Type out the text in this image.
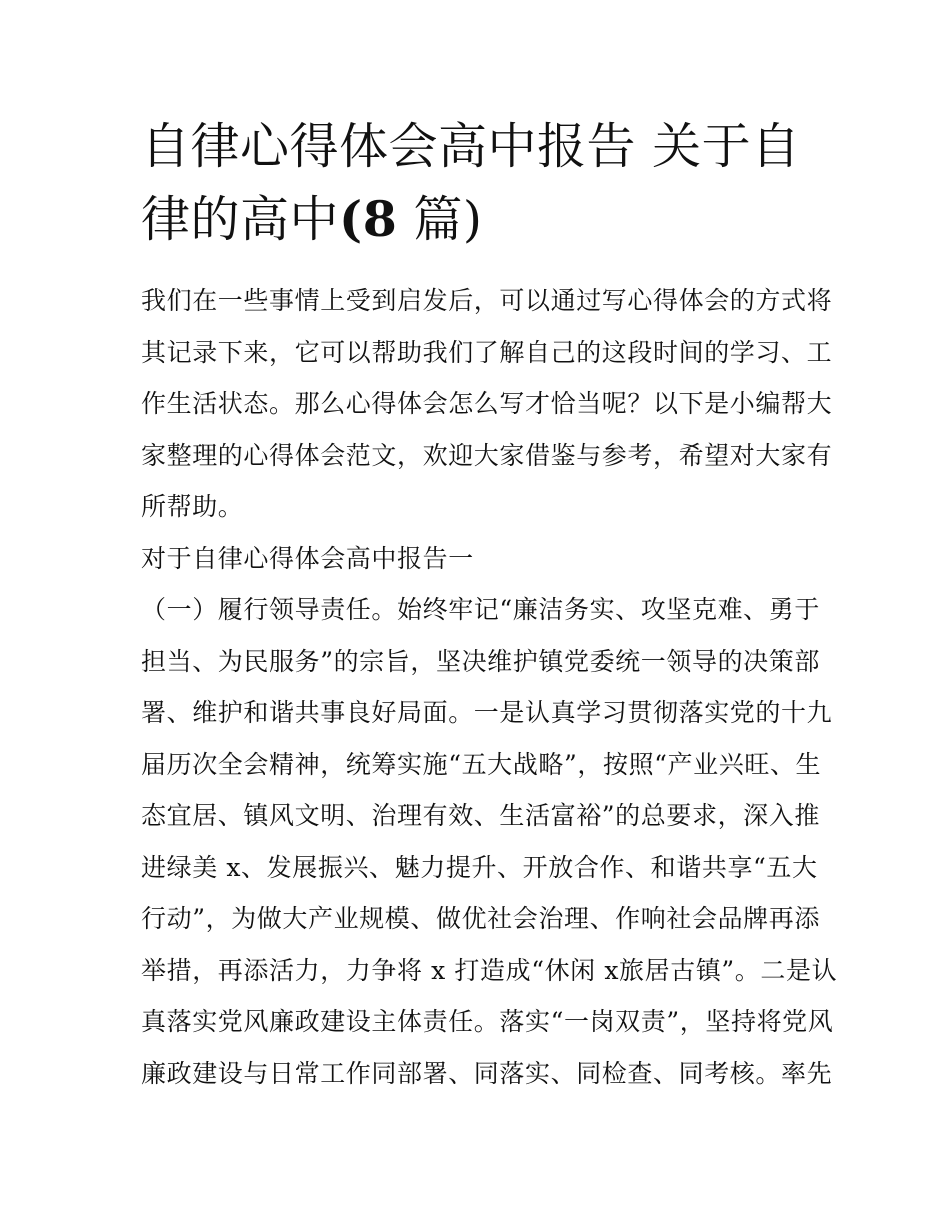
自律心得体会高中报告 关于自
律的高中(8 篇)
我们在一些事情上受到启发后，可以通过写心得体会的方式将
其记录下来，它可以帮助我们了解自己的这段时间的学习、工
作生活状态。那么心得体会怎么写才恰当呢？以下是小编帮大
家整理的心得体会范文，欢迎大家借鉴与参考，希望对大家有
所帮助。
对于自律心得体会高中报告一
（一）履行领导责任。始终牢记“廉洁务实、攻坚克难、勇于
担当、为民服务”的宗旨，坚决维护镇党委统一领导的决策部
署、维护和谐共事良好局面。一是认真学习贯彻落实党的十九
届历次全会精神，统筹实施“五大战略”，按照“产业兴旺、生
态宜居、镇风文明、治理有效、生活富裕”的总要求，深入推
进绿美 x、发展振兴、魅力提升、开放合作、和谐共享“五大
行动”，为做大产业规模、做优社会治理、作响社会品牌再添
举措，再添活力，力争将 x 打造成“休闲 x旅居古镇”。二是认
真落实党风廉政建设主体责任。落实“一岗双责”，坚持将党风
廉政建设与日常工作同部署、同落实、同检查、同考核。率先
